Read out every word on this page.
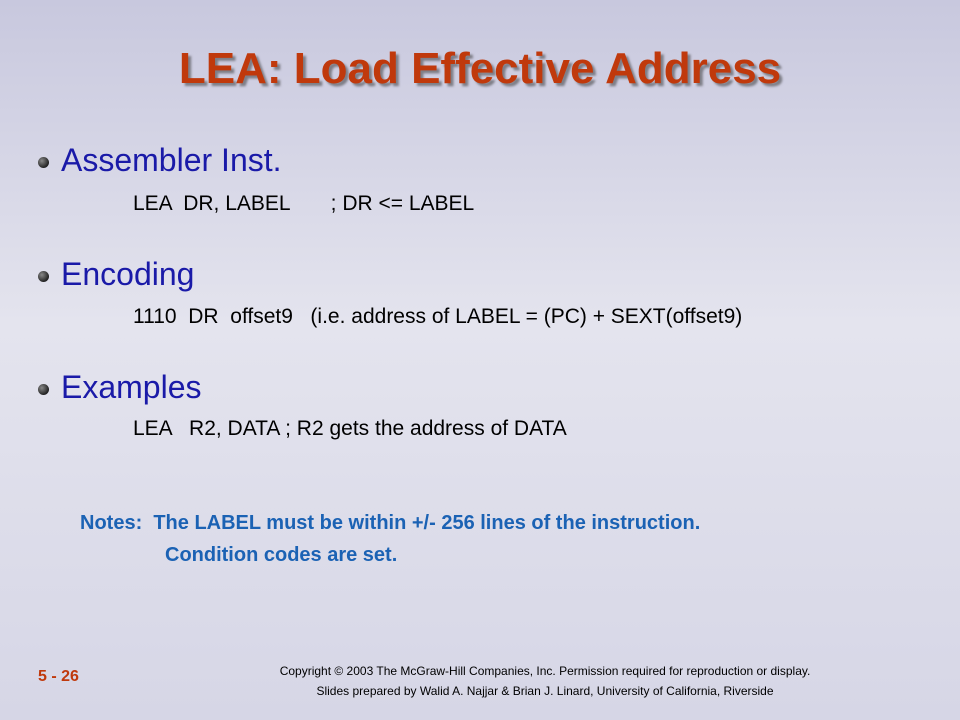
LEA: Load Effective Address
Assembler Inst.
LEA  DR, LABEL       ; DR <= LABEL
Encoding
1110  DR  offset9   (i.e. address of LABEL = (PC) + SEXT(offset9)
Examples
LEA   R2, DATA ; R2 gets the address of DATA
Notes:  The LABEL must be within +/- 256 lines of the instruction.
Condition codes are set.
5 - 26	Copyright © 2003 The McGraw-Hill Companies, Inc. Permission required for reproduction or display.
Slides prepared by Walid A. Najjar & Brian J. Linard, University of California, Riverside
